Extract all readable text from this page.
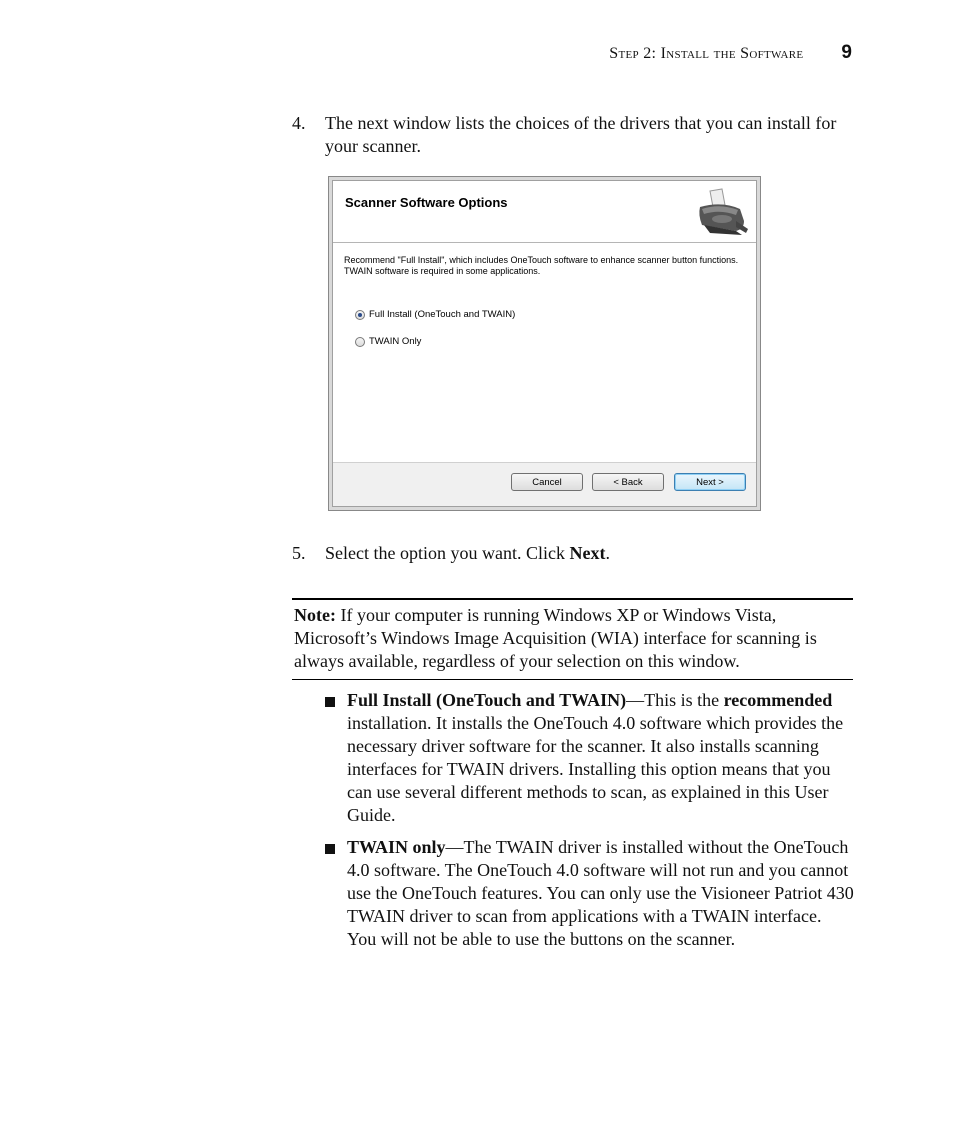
Step 2: Install the Software 9
4. The next window lists the choices of the drivers that you can install for your scanner.
Scanner Software Options
Recommend "Full Install", which includes OneTouch software to enhance scanner button functions. TWAIN software is required in some applications.
Full Install (OneTouch and TWAIN)
TWAIN Only
Cancel	< Back	Next >
5. Select the option you want. Click Next.
Note: If your computer is running Windows XP or Windows Vista, Microsoft’s Windows Image Acquisition (WIA) interface for scanning is always available, regardless of your selection on this window.
Full Install (OneTouch and TWAIN)—This is the recommended installation. It installs the OneTouch 4.0 software which provides the necessary driver software for the scanner. It also installs scanning interfaces for TWAIN drivers. Installing this option means that you can use several different methods to scan, as explained in this User Guide.
TWAIN only—The TWAIN driver is installed without the OneTouch 4.0 software. The OneTouch 4.0 software will not run and you cannot use the OneTouch features. You can only use the Visioneer Patriot 430 TWAIN driver to scan from applications with a TWAIN interface. You will not be able to use the buttons on the scanner.
